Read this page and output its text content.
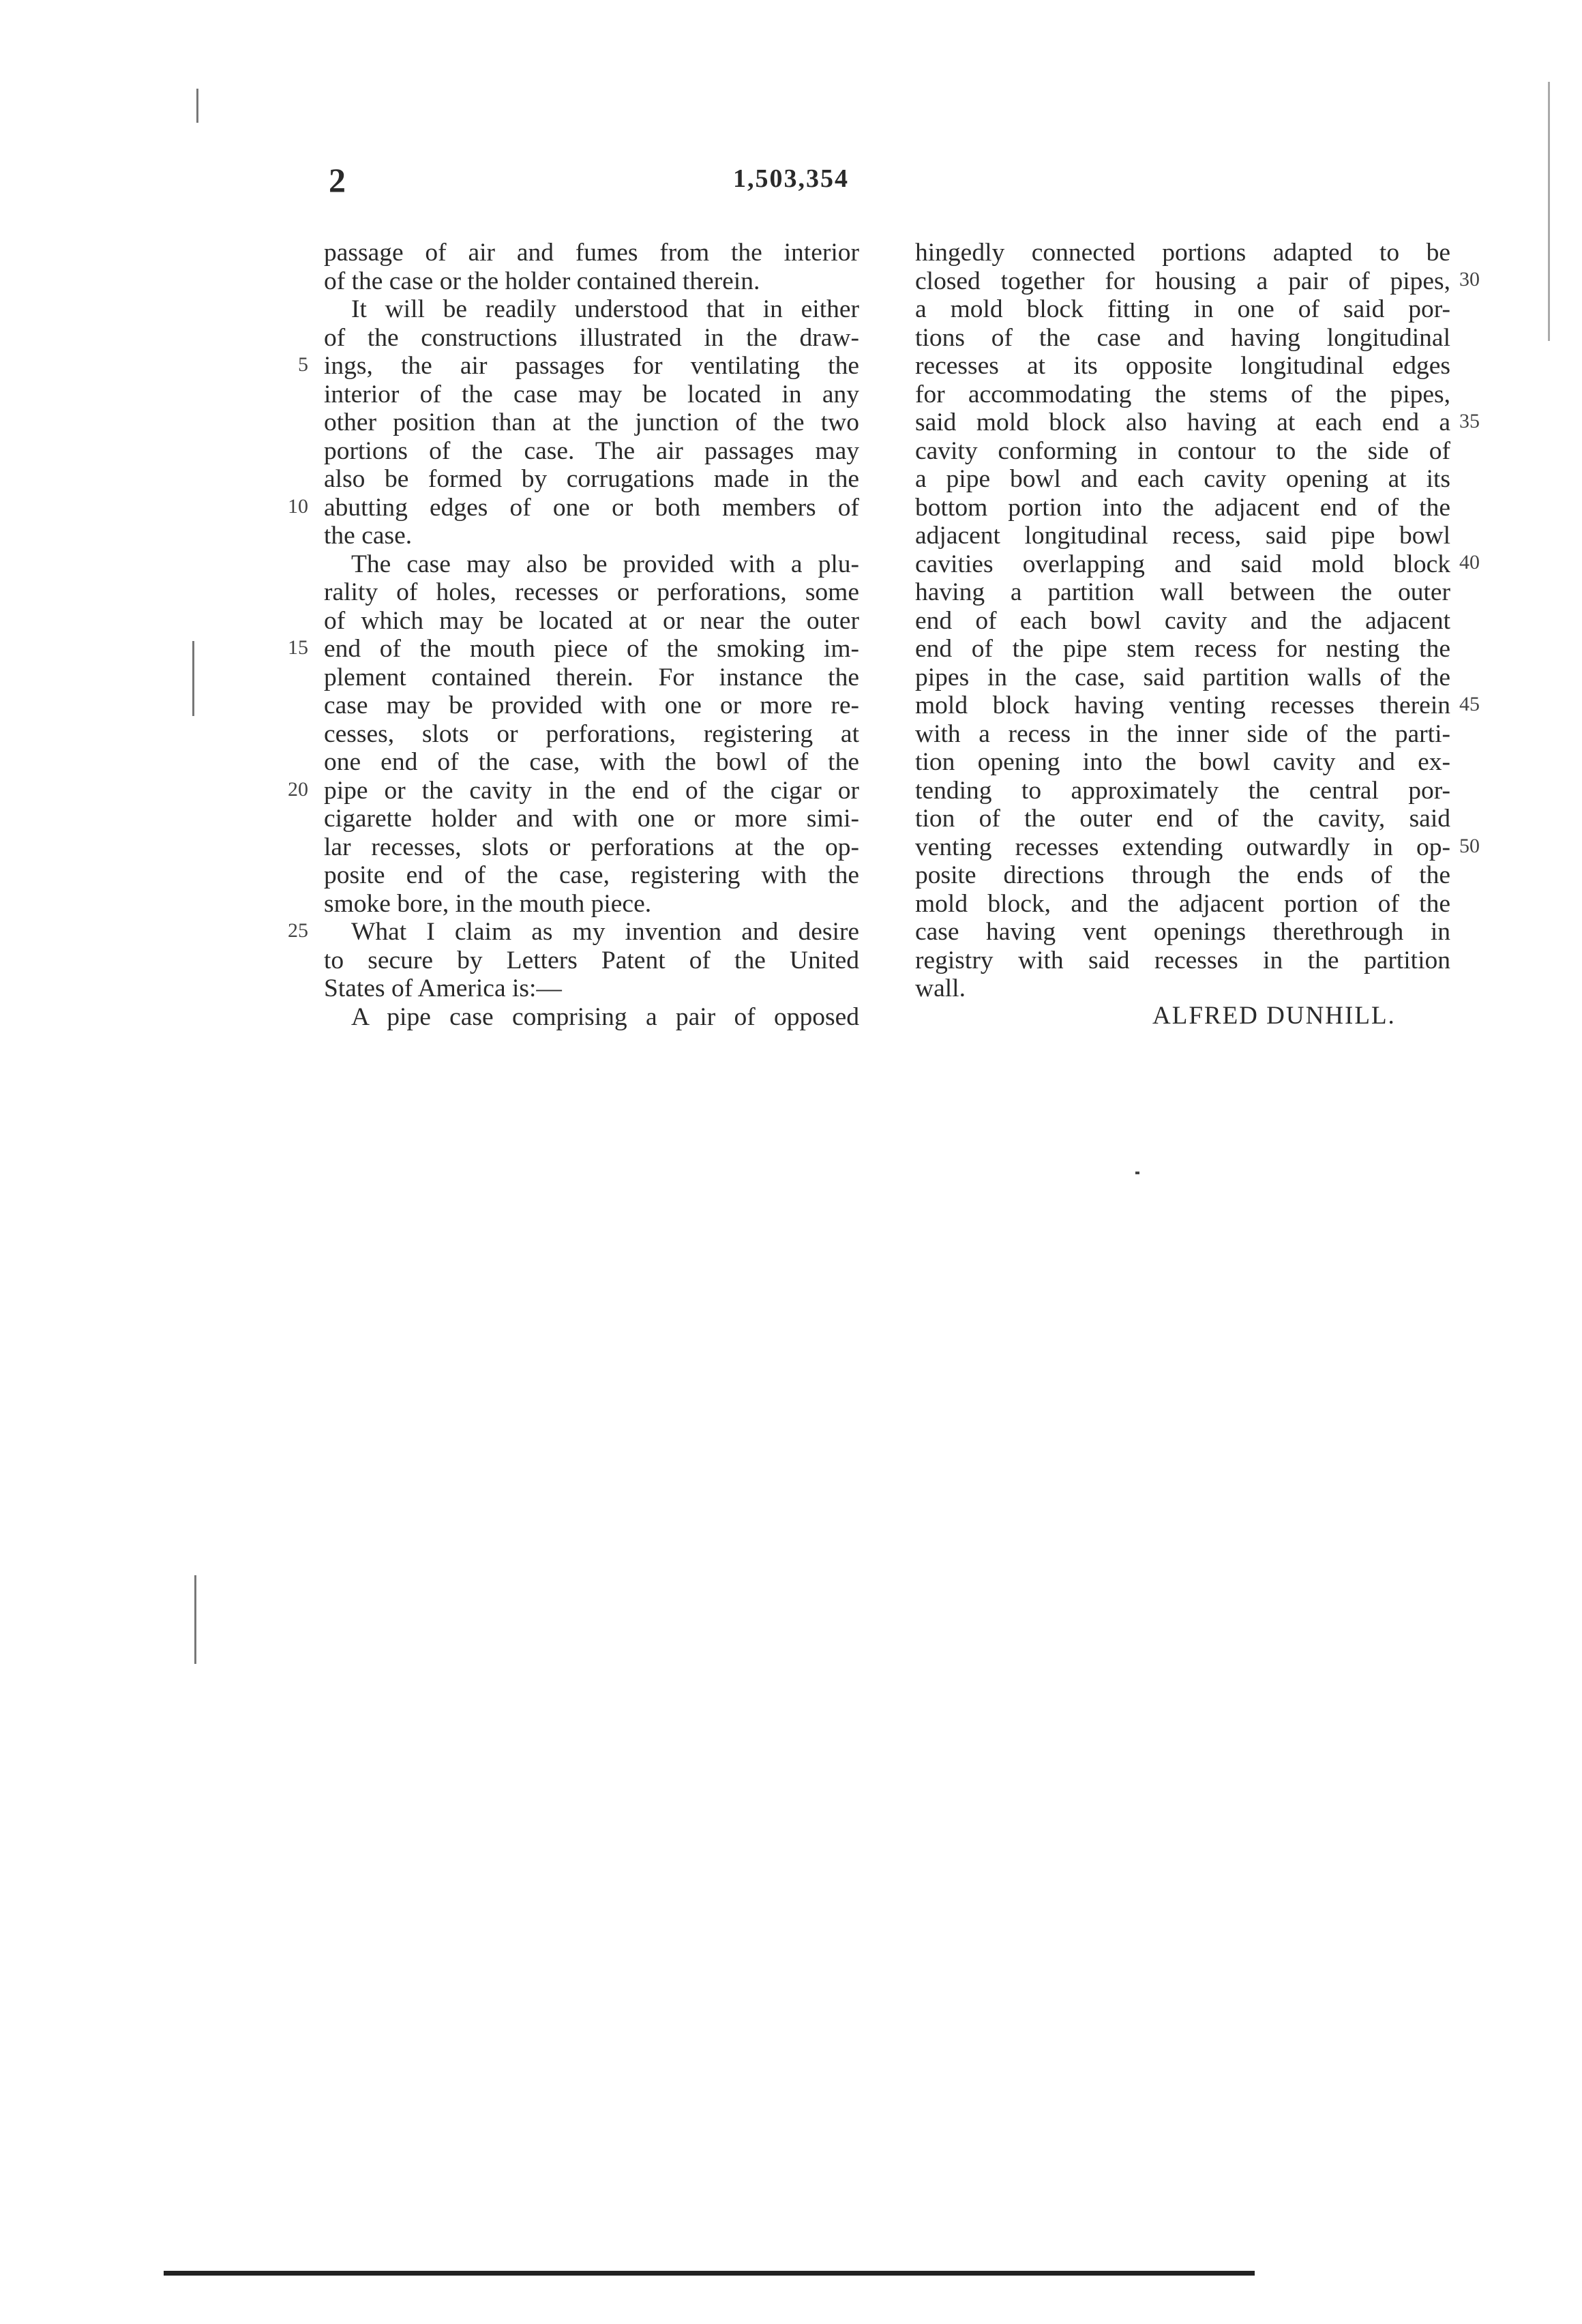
2	1,503,354
passage of air and fumes from the interior
of the case or the holder contained therein.
It will be readily understood that in either
of the constructions illustrated in the draw-
ings, the air passages for ventilating the
interior of the case may be located in any
other position than at the junction of the two
portions of the case. The air passages may
also be formed by corrugations made in the
abutting edges of one or both members of
the case.
The case may also be provided with a plu-
rality of holes, recesses or perforations, some
of which may be located at or near the outer
end of the mouth piece of the smoking im-
plement contained therein. For instance the
case may be provided with one or more re-
cesses, slots or perforations, registering at
one end of the case, with the bowl of the
pipe or the cavity in the end of the cigar or
cigarette holder and with one or more simi-
lar recesses, slots or perforations at the op-
posite end of the case, registering with the
smoke bore, in the mouth piece.
What I claim as my invention and desire
to secure by Letters Patent of the United
States of America is:—
A pipe case comprising a pair of opposed
hingedly connected portions adapted to be
closed together for housing a pair of pipes,
a mold block fitting in one of said por-
tions of the case and having longitudinal
recesses at its opposite longitudinal edges
for accommodating the stems of the pipes,
said mold block also having at each end a
cavity conforming in contour to the side of
a pipe bowl and each cavity opening at its
bottom portion into the adjacent end of the
adjacent longitudinal recess, said pipe bowl
cavities overlapping and said mold block
having a partition wall between the outer
end of each bowl cavity and the adjacent
end of the pipe stem recess for nesting the
pipes in the case, said partition walls of the
mold block having venting recesses therein
with a recess in the inner side of the parti-
tion opening into the bowl cavity and ex-
tending to approximately the central por-
tion of the outer end of the cavity, said
venting recesses extending outwardly in op-
posite directions through the ends of the
mold block, and the adjacent portion of the
case having vent openings therethrough in
registry with said recesses in the partition
wall.
ALFRED DUNHILL.
5
10
15
20
25
30
35
40
45
50
